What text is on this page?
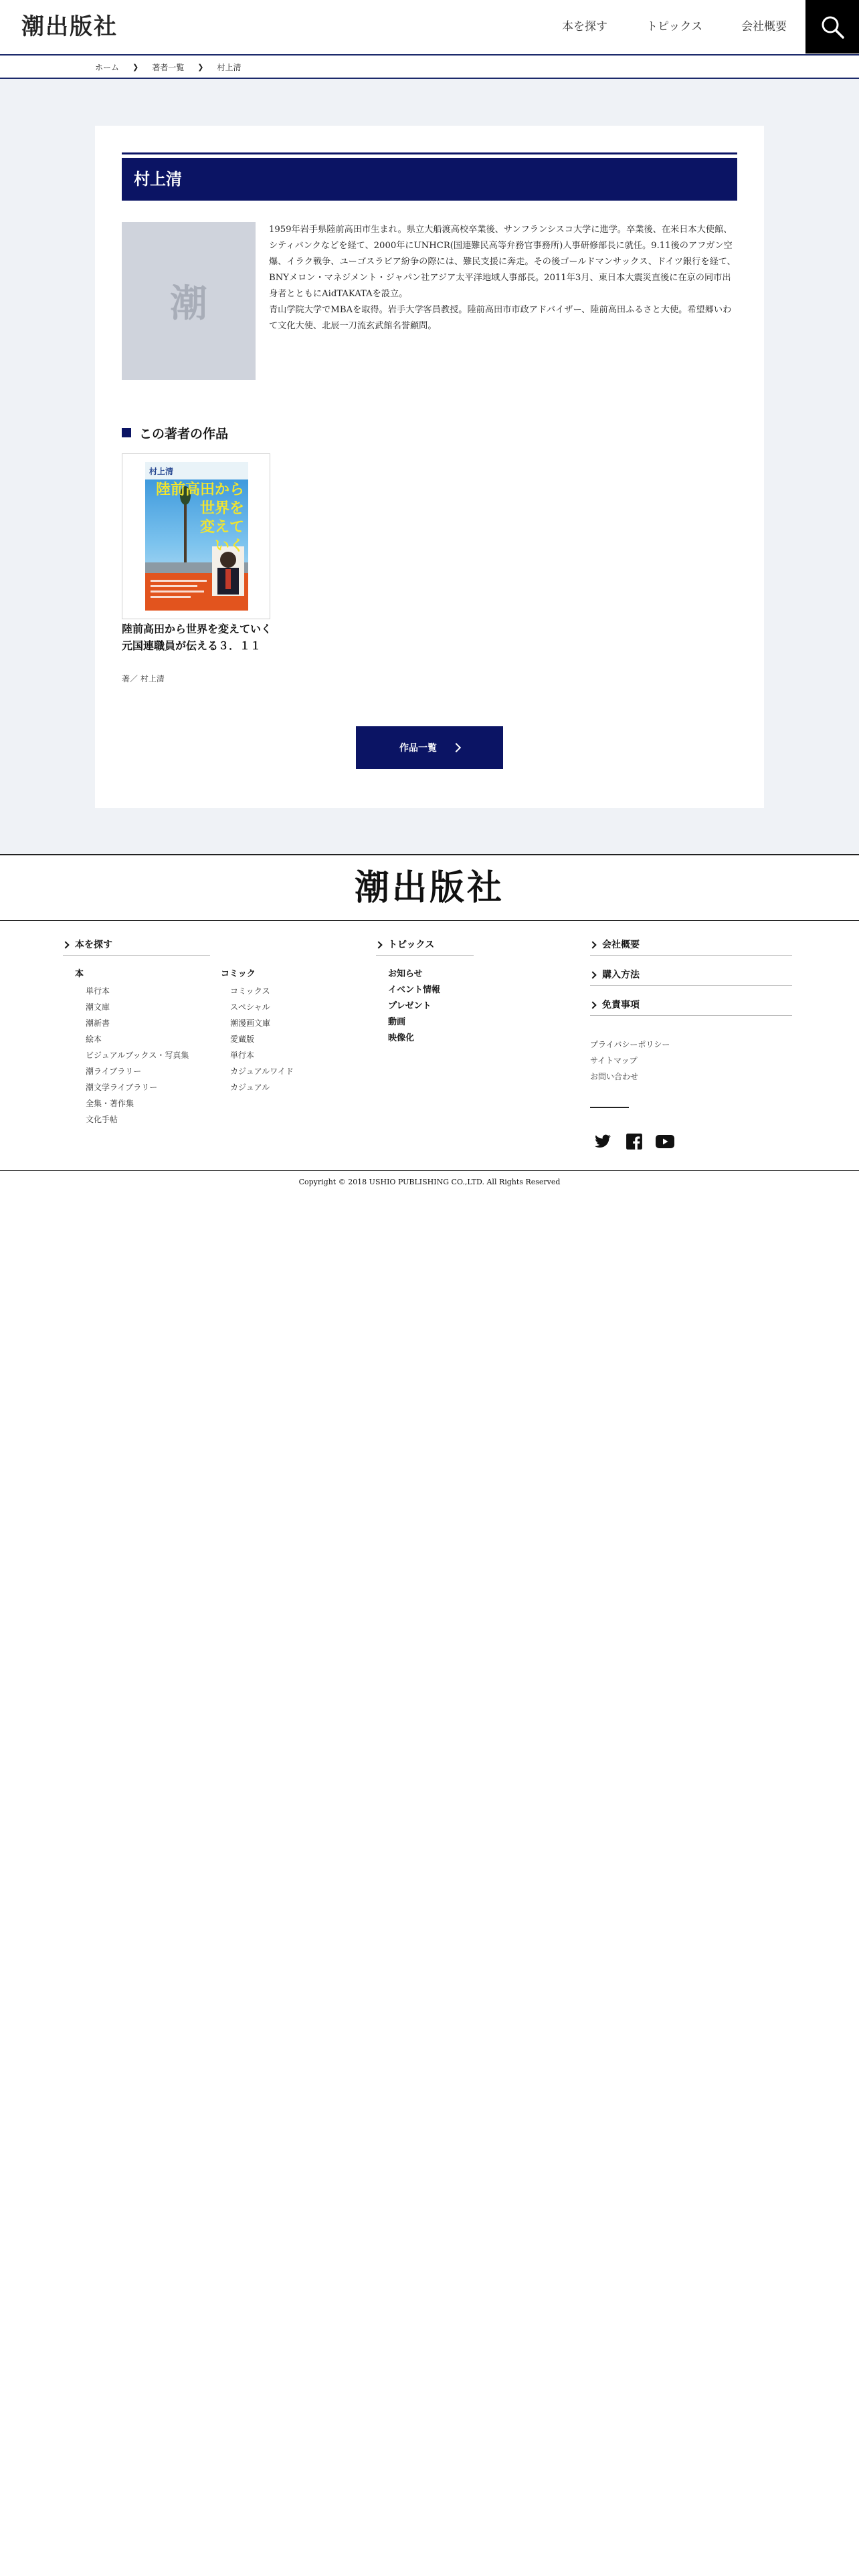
潮出版社	本を探す	トピックス	会社概要
ホーム ❯ 著者一覧 ❯ 村上清
村上清
潮

1959年岩手県陸前高田市生まれ。県立大船渡高校卒業後、サンフランシスコ大学に進学。卒業後、在米日本大使館、シティバンクなどを経て、2000年にUNHCR(国連難民高等弁務官事務所)人事研修部長に就任。9.11後のアフガン空爆、イラク戦争、ユーゴスラビア紛争の際には、難民支援に奔走。その後ゴールドマンサックス、ドイツ銀行を経て、BNYメロン・マネジメント・ジャパン社アジア太平洋地域人事部長。2011年3月、東日本大震災直後に在京の同市出身者とともにAidTAKATAを設立。

青山学院大学でMBAを取得。岩手大学客員教授。陸前高田市市政アドバイザー、陸前高田ふるさと大使。希望郷いわて文化大使、北辰一刀流玄武館名誉顧問。

この著者の作品
村上清
陸前高田から
世界を
変えて
いく
陸前高田から世界を変えていく 元国連職員が伝える３．１１
著／ 村上清
作品一覧
潮出版社
本を探す
本
単行本
潮文庫
潮新書
絵本
ビジュアルブックス・写真集
潮ライブラリー
潮文学ライブラリー
全集・著作集
文化手帖
コミック
コミックス
スペシャル
潮漫画文庫
愛蔵版
単行本
カジュアルワイド
カジュアル
トピックス
お知らせ
イベント情報
プレゼント
動画
映像化
会社概要
購入方法
免責事項
プライバシーポリシー
サイトマップ
お問い合わせ
Copyright © 2018 USHIO PUBLISHING CO.,LTD. All Rights Reserved
